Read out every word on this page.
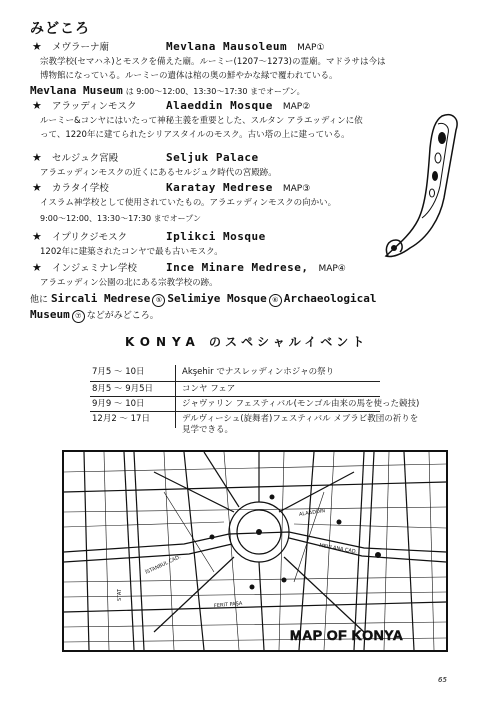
みどころ
★ メヴラーナ廟	Mevlana Mausoleum MAP①
宗教学校(セマハネ)とモスクを備えた廟。ルーミー(1207～1273)の霊廟。マドラサは今は
博物館になっている。ルーミーの遺体は棺の奥の鮮やかな緑で覆われている。
Mevlana Museum は 9:00～12:00、13:30～17:30 までオープン。
★ アラッディンモスク	Alaeddin Mosque MAP②
ルーミー&コンヤにはいたって神秘主義を重要とした、スルタン アラエッディンに依
って、1220年に建てられたシリアスタイルのモスク。古い塔の上に建っている。
★ セルジュク宮殿	Seljuk Palace
アラエッディンモスクの近くにあるセルジュク時代の宮殿跡。
★ カラタイ学校	Karatay Medrese MAP③
イスラム神学校として使用されていたもの。アラエッディンモスクの向かい。
9:00～12:00、13:30～17:30 までオープン
★ イプリクジモスク	Iplikci Mosque
1202年に建築されたコンヤで最も古いモスク。
★ インジェミナレ学校	Ince Minare Medrese, MAP④
アラエッディン公園の北にある宗教学校の跡。
他に Sircali Medrese ⑤ Selimiye Mosque ⑥ Archaeological
Museum ⑦ などがみどころ。
KONYA のスペシャルイベント
7月5 ～ 10日	Akşehir でナスレッディンホジャの祭り
8月5 ～ 9月5日	コンヤ フェア
9月9 ～ 10日	ジャヴァリン フェスティバル(モンゴル由来の馬を使った競技)
12月2 ～ 17日	デルヴィーシュ(旋舞者)フェスティバル メブラビ教団の祈りを
見学できる。
ALAADDİN
MEVLANA CAD.
İSTANBUL CAD.
STAT
FERIT PAŞA
MAP OF KONYA
65
